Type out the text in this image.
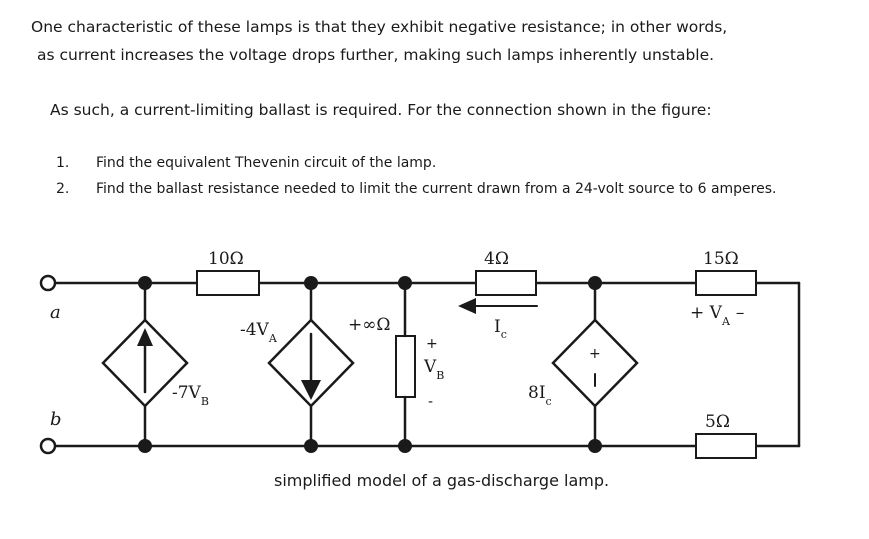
One characteristic of these lamps is that they exhibit negative resistance; in other words,

as current increases the voltage drops further, making such lamps inherently unstable.

As such, a current-limiting ballast is required. For the connection shown in the figure:

1. Find the equivalent Thevenin circuit of the lamp.
2. Find the ballast resistance needed to limit the current drawn from a 24-volt source to 6 amperes.
a
b
10Ω	4Ω	15Ω
5Ω
$-7V_B$
$-4V_A$
+∞Ω
+
$V_B$
-
$I_c$
+
$8I_c$
+ $V_A$ –
simplified model of a gas-discharge lamp.
